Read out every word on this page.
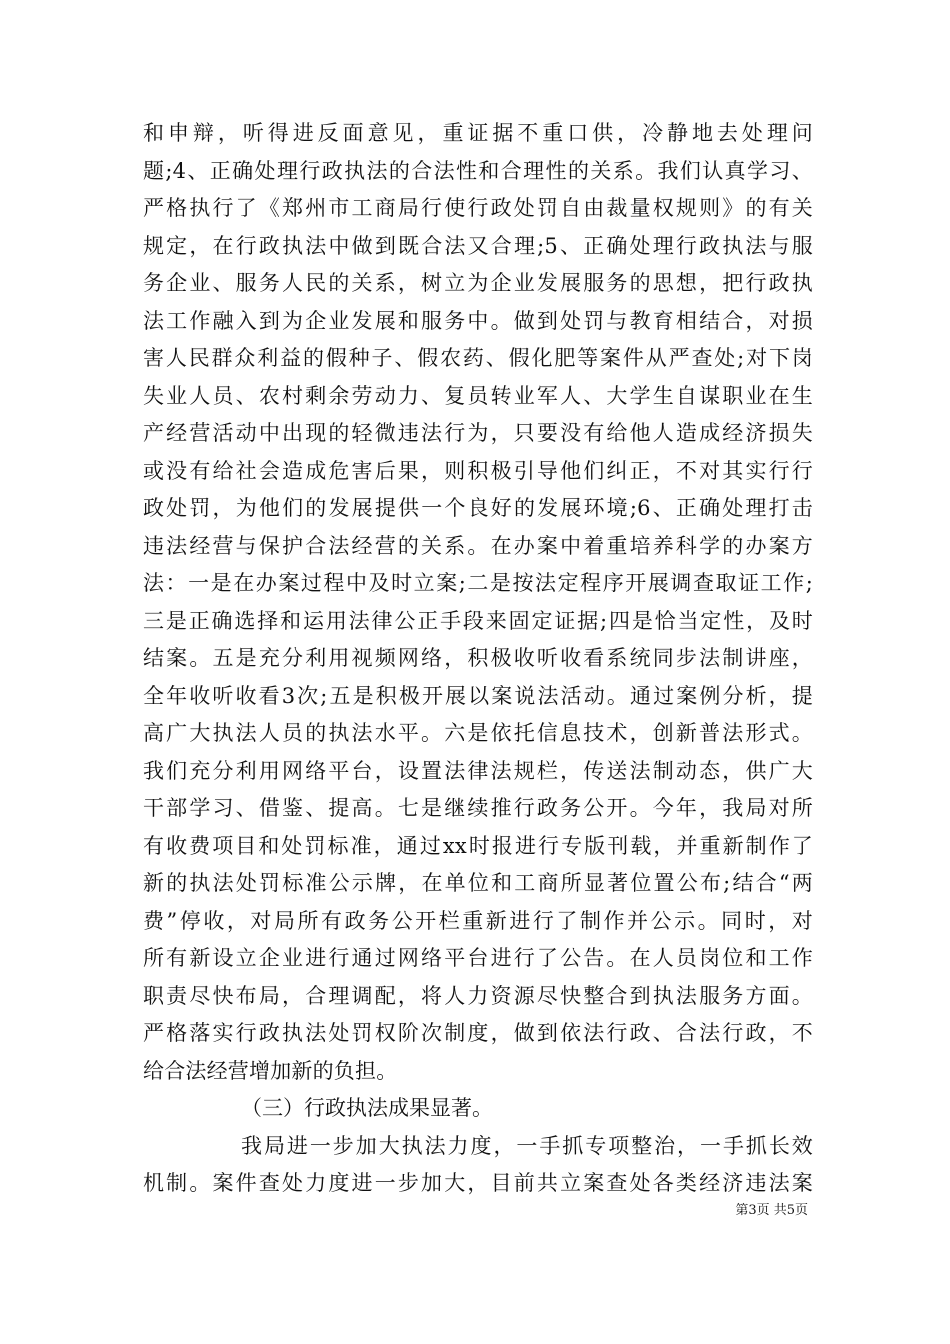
和申辩，听得进反面意见，重证据不重口供，冷静地去处理问
题;4、正确处理行政执法的合法性和合理性的关系。我们认真学习、
严格执行了《郑州市工商局行使行政处罚自由裁量权规则》的有关
规定，在行政执法中做到既合法又合理;5、正确处理行政执法与服
务企业、服务人民的关系，树立为企业发展服务的思想，把行政执
法工作融入到为企业发展和服务中。做到处罚与教育相结合，对损
害人民群众利益的假种子、假农药、假化肥等案件从严查处;对下岗
失业人员、农村剩余劳动力、复员转业军人、大学生自谋职业在生
产经营活动中出现的轻微违法行为，只要没有给他人造成经济损失
或没有给社会造成危害后果，则积极引导他们纠正，不对其实行行
政处罚，为他们的发展提供一个良好的发展环境;6、正确处理打击
违法经营与保护合法经营的关系。在办案中着重培养科学的办案方
法：一是在办案过程中及时立案;二是按法定程序开展调查取证工作;
三是正确选择和运用法律公正手段来固定证据;四是恰当定性，及时
结案。五是充分利用视频网络，积极收听收看系统同步法制讲座，
全年收听收看3次;五是积极开展以案说法活动。通过案例分析，提
高广大执法人员的执法水平。六是依托信息技术，创新普法形式。
我们充分利用网络平台，设置法律法规栏，传送法制动态，供广大
干部学习、借鉴、提高。七是继续推行政务公开。今年，我局对所
有收费项目和处罚标准，通过xx时报进行专版刊载，并重新制作了
新的执法处罚标准公示牌，在单位和工商所显著位置公布;结合“两
费”停收，对局所有政务公开栏重新进行了制作并公示。同时，对
所有新设立企业进行通过网络平台进行了公告。在人员岗位和工作
职责尽快布局，合理调配，将人力资源尽快整合到执法服务方面。
严格落实行政执法处罚权阶次制度，做到依法行政、合法行政，不
给合法经营增加新的负担。
（三）行政执法成果显著。
我局进一步加大执法力度，一手抓专项整治，一手抓长效
机制。案件查处力度进一步加大，目前共立案查处各类经济违法案
第3页 共5页
